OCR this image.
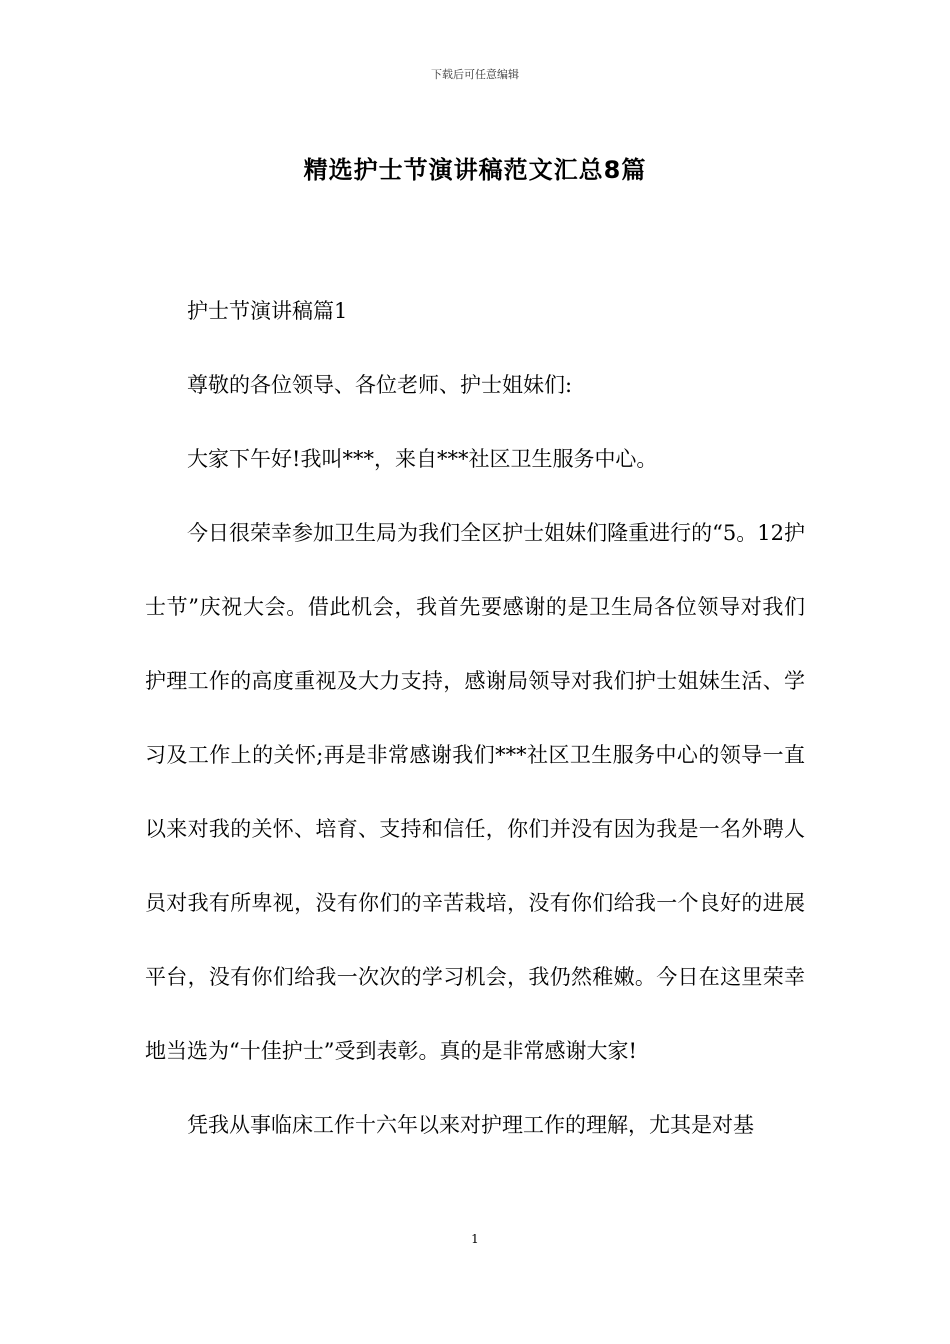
下载后可任意编辑
精选护士节演讲稿范文汇总8篇

护士节演讲稿篇1

尊敬的各位领导、各位老师、护士姐妹们:

大家下午好!我叫***，来自***社区卫生服务中心。

今日很荣幸参加卫生局为我们全区护士姐妹们隆重进行的“5。12护士节”庆祝大会。借此机会，我首先要感谢的是卫生局各位领导对我们护理工作的高度重视及大力支持，感谢局领导对我们护士姐妹生活、学习及工作上的关怀;再是非常感谢我们***社区卫生服务中心的领导一直以来对我的关怀、培育、支持和信任，你们并没有因为我是一名外聘人员对我有所卑视，没有你们的辛苦栽培，没有你们给我一个良好的进展平台，没有你们给我一次次的学习机会，我仍然稚嫩。今日在这里荣幸地当选为“十佳护士”受到表彰。真的是非常感谢大家!

凭我从事临床工作十六年以来对护理工作的理解，尤其是对基

1
